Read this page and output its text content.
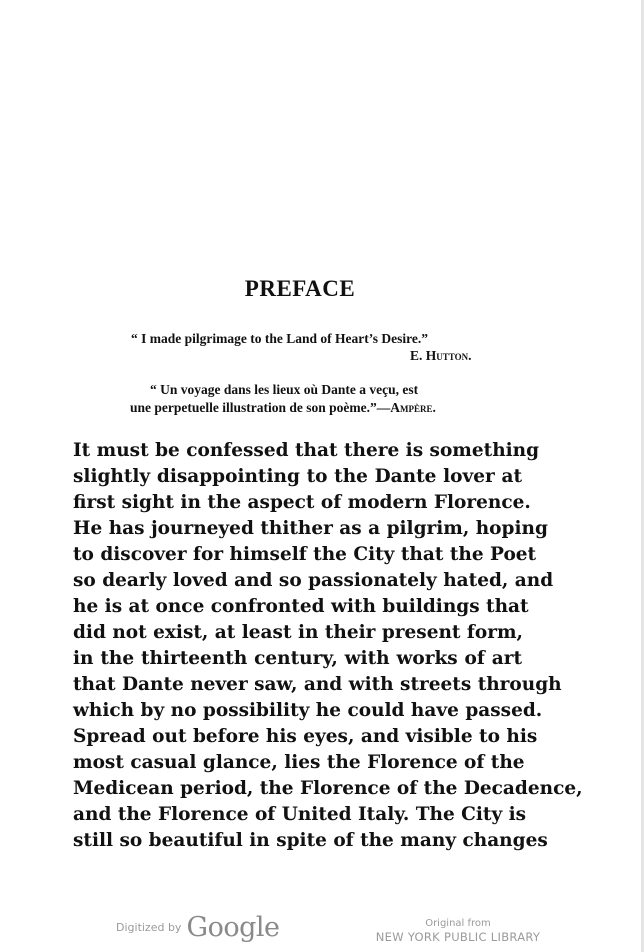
PREFACE
“ I made pilgrimage to the Land of Heart’s Desire.”
E. Hutton.
“ Un voyage dans les lieux où Dante a veçu, est
une perpetuelle illustration de son poème.”—Ampère.
It must be confessed that there is something
slightly disappointing to the Dante lover at
first sight in the aspect of modern Florence.
He has journeyed thither as a pilgrim, hoping
to discover for himself the City that the Poet
so dearly loved and so passionately hated, and
he is at once confronted with buildings that
did not exist, at least in their present form,
in the thirteenth century, with works of art
that Dante never saw, and with streets through
which by no possibility he could have passed.
Spread out before his eyes, and visible to his
most casual glance, lies the Florence of the
Medicean period, the Florence of the Decadence,
and the Florence of United Italy. The City is
still so beautiful in spite of the many changes
Digitized by Google	Original from
NEW YORK PUBLIC LIBRARY
